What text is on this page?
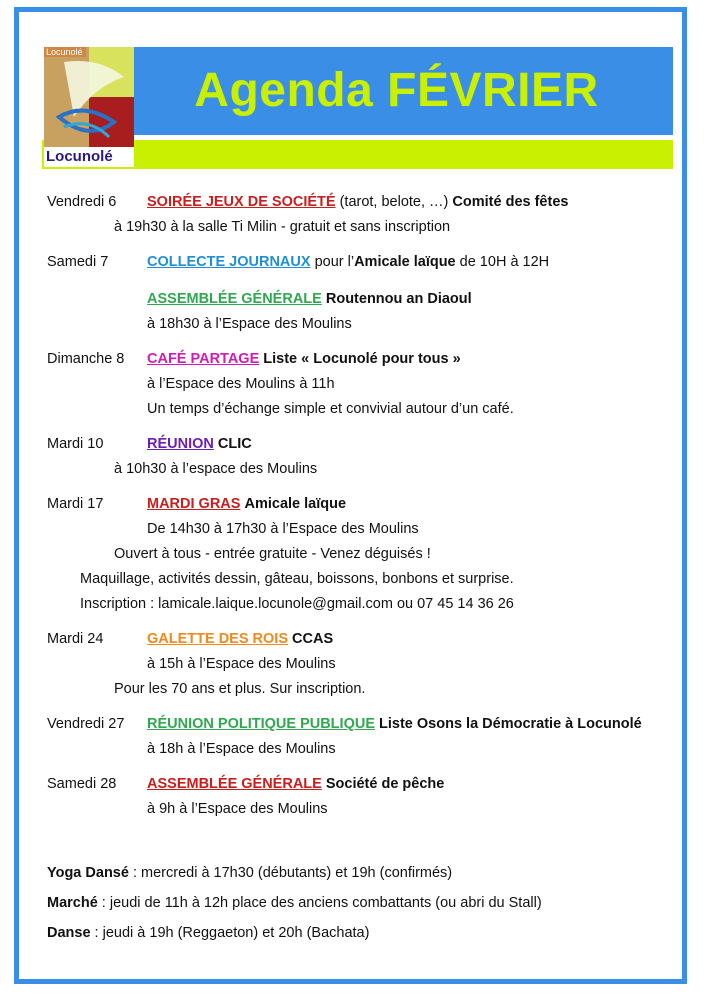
Locunolé
Locunolé
Agenda FÉVRIER
Vendredi 6	SOIRÉE JEUX DE SOCIÉTÉ (tarot, belote, …) Comité des fêtes
à 19h30 à la salle Ti Milin - gratuit et sans inscription
Samedi 7	COLLECTE JOURNAUX pour l’Amicale laïque de 10H à 12H
ASSEMBLÉE GÉNÉRALE Routennou an Diaoul
à 18h30 à l’Espace des Moulins
Dimanche 8	CAFÉ PARTAGE Liste « Locunolé pour tous »
à l’Espace des Moulins à 11h
Un temps d’échange simple et convivial autour d’un café.
Mardi 10	RÉUNION CLIC
à 10h30 à l’espace des Moulins
Mardi 17	MARDI GRAS Amicale laïque
De 14h30 à 17h30 à l’Espace des Moulins
Ouvert à tous - entrée gratuite - Venez déguisés !
Maquillage, activités dessin, gâteau, boissons, bonbons et surprise.
Inscription : lamicale.laique.locunole@gmail.com ou 07 45 14 36 26
Mardi 24	GALETTE DES ROIS CCAS
à 15h à l’Espace des Moulins
Pour les 70 ans et plus. Sur inscription.
Vendredi 27	RÉUNION POLITIQUE PUBLIQUE Liste Osons la Démocratie à Locunolé
à 18h à l’Espace des Moulins
Samedi 28	ASSEMBLÉE GÉNÉRALE Société de pêche
à 9h à l’Espace des Moulins
Yoga Dansé : mercredi à 17h30 (débutants) et 19h (confirmés)
Marché : jeudi de 11h à 12h place des anciens combattants (ou abri du Stall)
Danse : jeudi à 19h (Reggaeton) et 20h (Bachata)
